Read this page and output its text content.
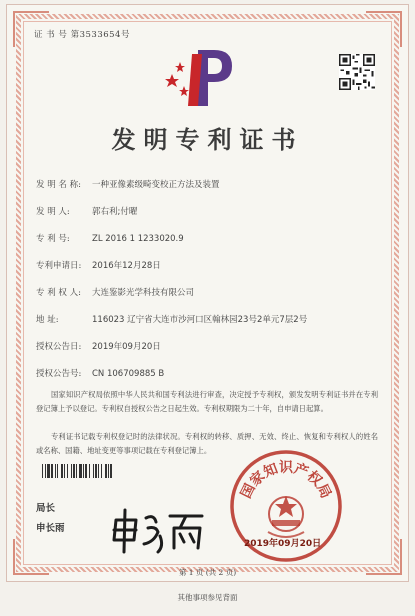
证 书 号 第3533654号
发明专利证书
发 明 名 称: 一种亚像素级畸变校正方法及装置
发 明 人:	郭右利;付曜
专 利 号:	ZL 2016 1 1233020.9
专利申请日: 2016年12月28日
专 利 权 人: 大连鉴影光学科技有限公司
地 址:	116023 辽宁省大连市沙河口区翰林园23号2单元7层2号
授权公告日: 2019年09月20日
授权公告号: CN 106709885 B
国家知识产权局依照中华人民共和国专利法进行审查，决定授予专利权，颁发发明专利证书并在专利登记簿上予以登记。专利权自授权公告之日起生效。专利权期限为二十年，自申请日起算。
专利证书记载专利权登记时的法律状况。专利权的转移、质押、无效、终止、恢复和专利权人的姓名或名称、国籍、地址变更等事项记载在专利登记簿上。
局长
申长雨
国家知识产权局
2019年09月20日
第 1 页 (共 2 页)
其他事项参见背面
